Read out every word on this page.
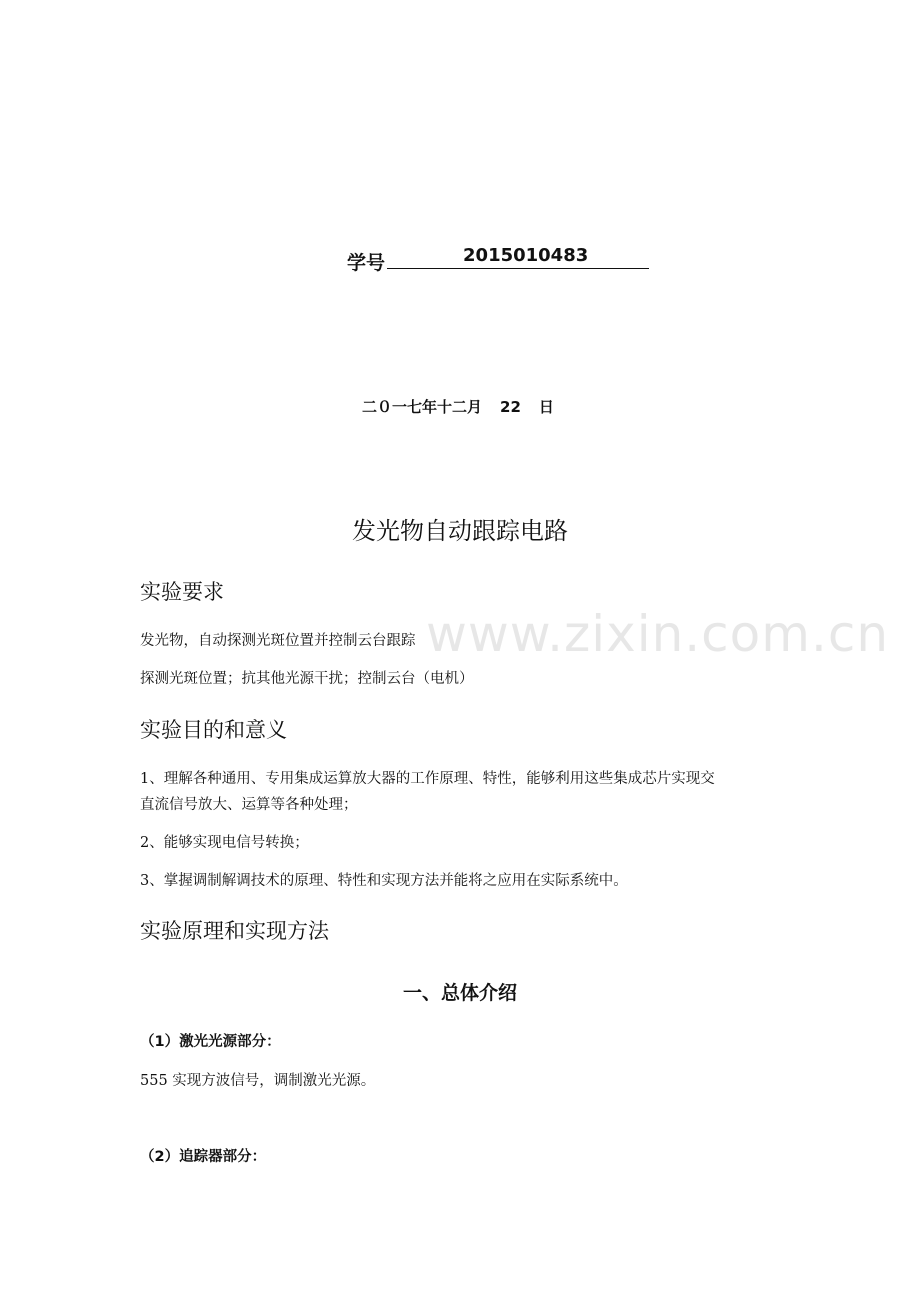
学号	2015010483
二０一七年十二月 22 日
www.zixin.com.cn
发光物自动跟踪电路
实验要求
发光物，自动探测光斑位置并控制云台跟踪
探测光斑位置；抗其他光源干扰；控制云台（电机）
实验目的和意义
1、理解各种通用、专用集成运算放大器的工作原理、特性，能够利用这些集成芯片实现交
直流信号放大、运算等各种处理；
2、能够实现电信号转换；
3、掌握调制解调技术的原理、特性和实现方法并能将之应用在实际系统中。
实验原理和实现方法
一、总体介绍
（1）激光光源部分：
555 实现方波信号，调制激光光源。
（2）追踪器部分：
